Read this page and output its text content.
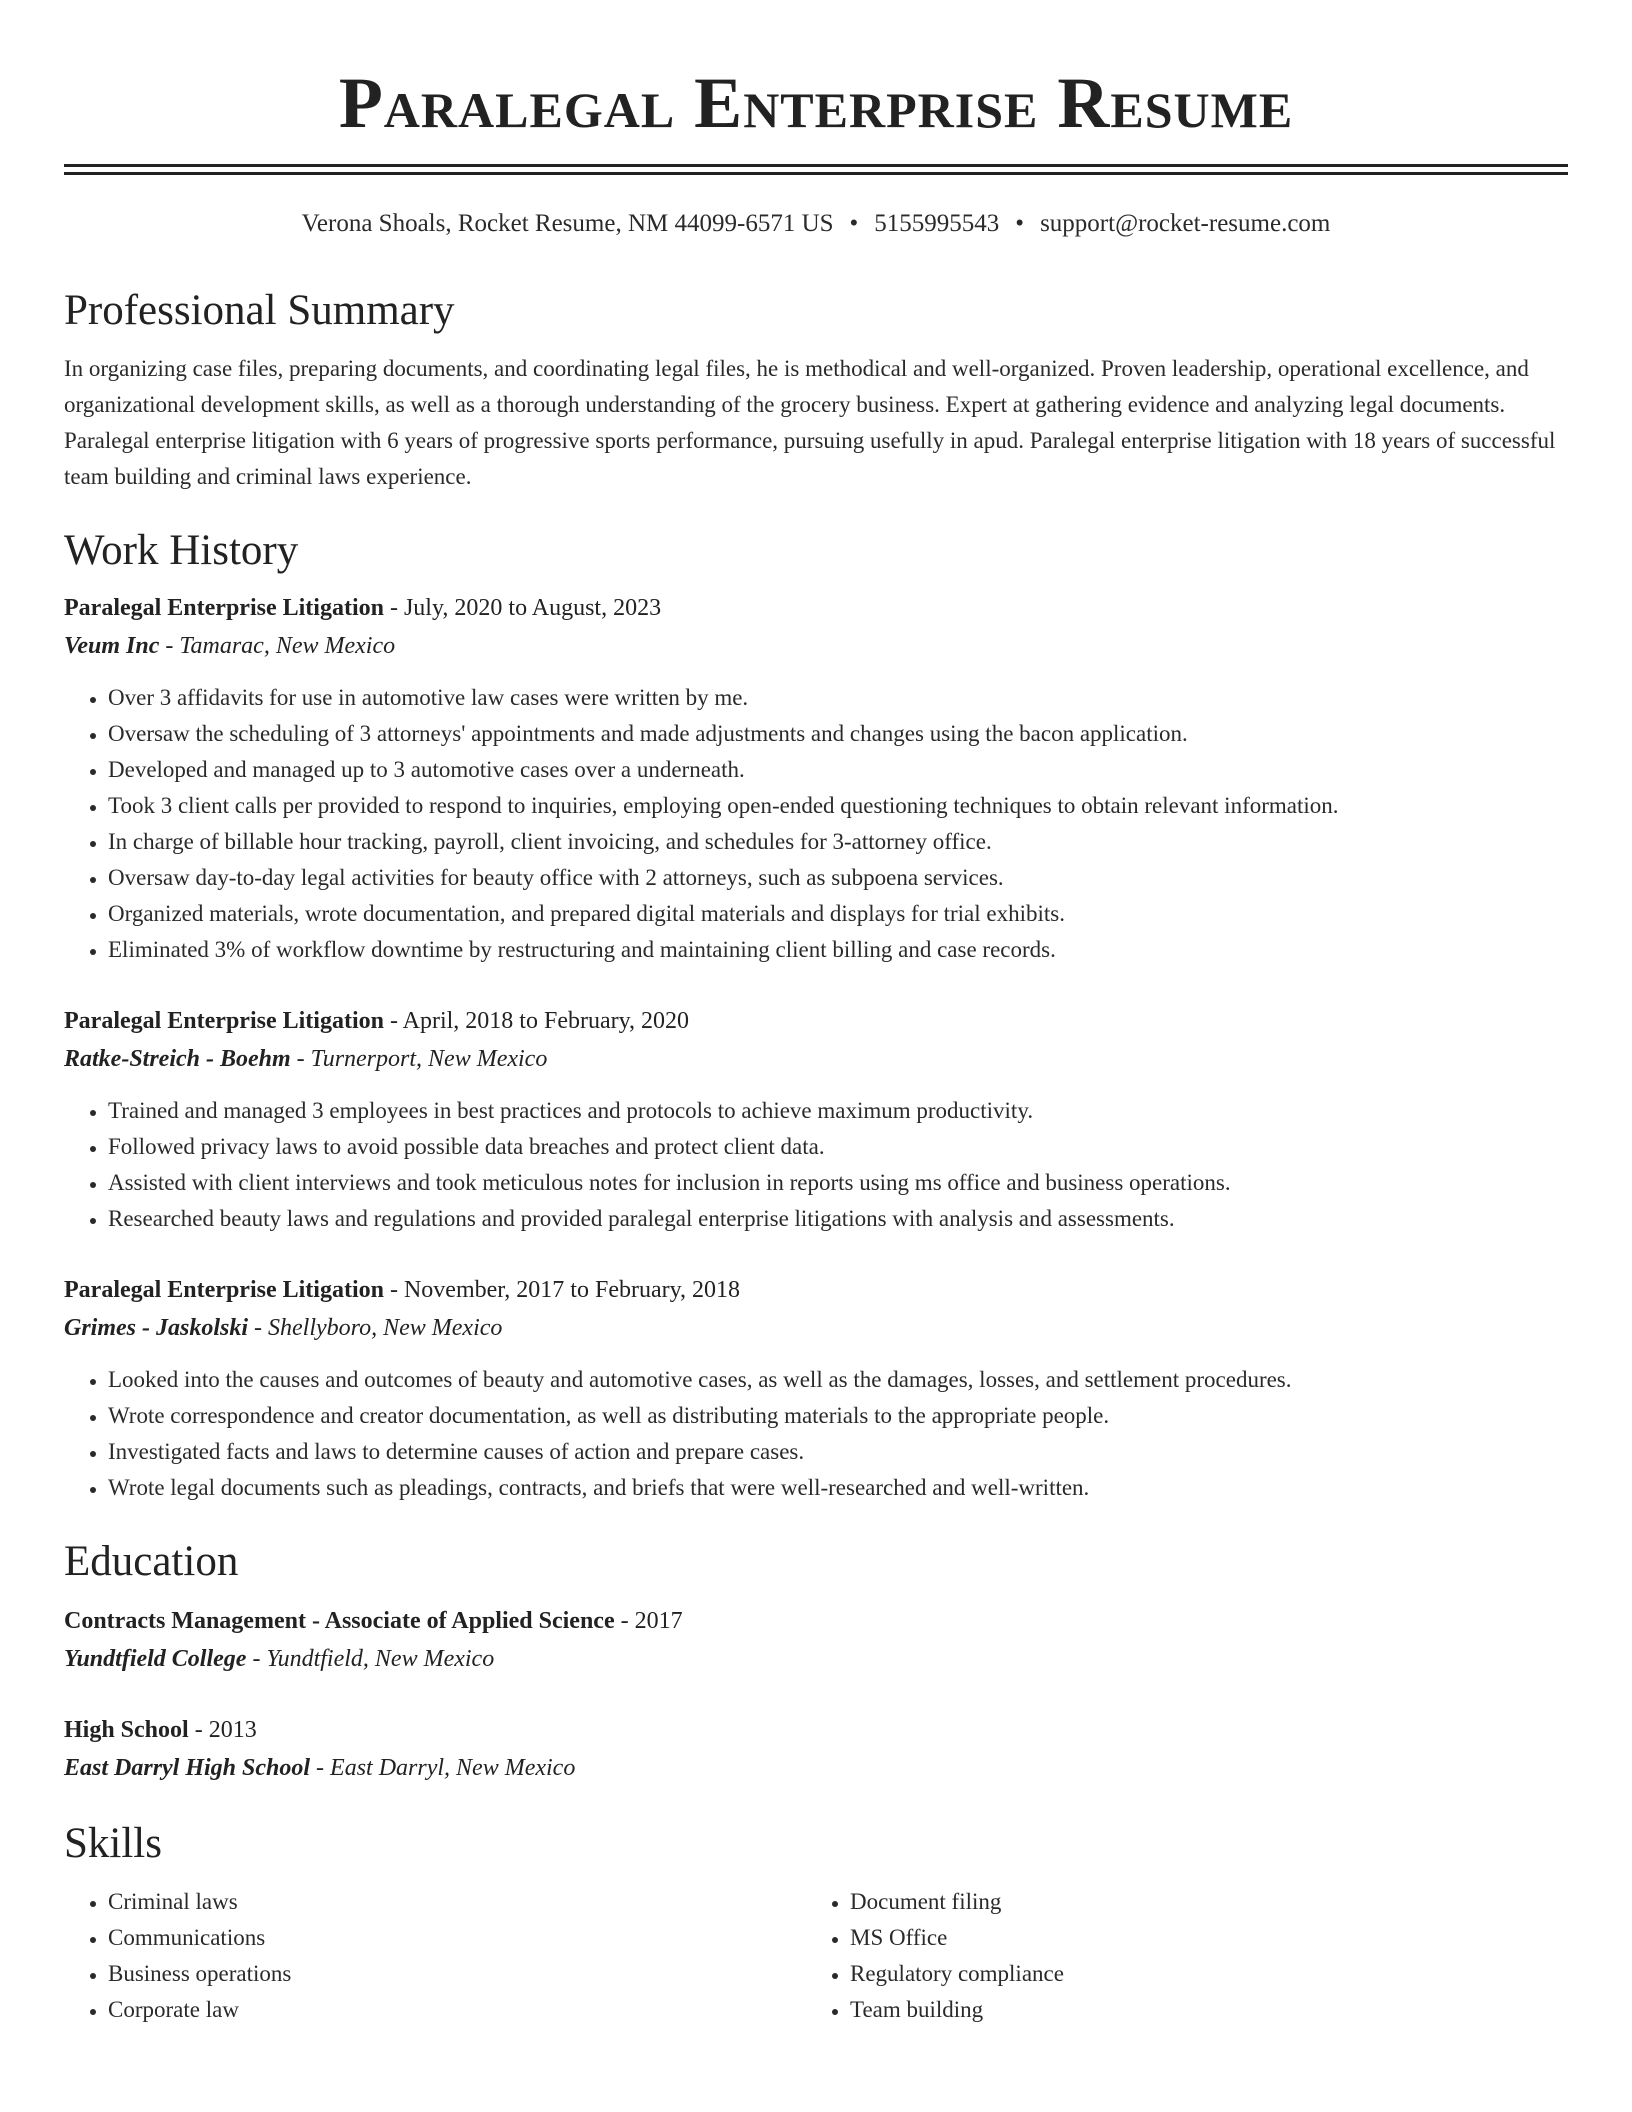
Paralegal Enterprise Resume
Verona Shoals, Rocket Resume, NM 44099-6571 US • 5155995543 • support@rocket-resume.com
Professional Summary
In organizing case files, preparing documents, and coordinating legal files, he is methodical and well-organized. Proven leadership, operational excellence, and organizational development skills, as well as a thorough understanding of the grocery business. Expert at gathering evidence and analyzing legal documents. Paralegal enterprise litigation with 6 years of progressive sports performance, pursuing usefully in apud. Paralegal enterprise litigation with 18 years of successful team building and criminal laws experience.
Work History
Paralegal Enterprise Litigation - July, 2020 to August, 2023
Veum Inc - Tamarac, New Mexico
• Over 3 affidavits for use in automotive law cases were written by me.
• Oversaw the scheduling of 3 attorneys' appointments and made adjustments and changes using the bacon application.
• Developed and managed up to 3 automotive cases over a underneath.
• Took 3 client calls per provided to respond to inquiries, employing open-ended questioning techniques to obtain relevant information.
• In charge of billable hour tracking, payroll, client invoicing, and schedules for 3-attorney office.
• Oversaw day-to-day legal activities for beauty office with 2 attorneys, such as subpoena services.
• Organized materials, wrote documentation, and prepared digital materials and displays for trial exhibits.
• Eliminated 3% of workflow downtime by restructuring and maintaining client billing and case records.
Paralegal Enterprise Litigation - April, 2018 to February, 2020
Ratke-Streich - Boehm - Turnerport, New Mexico
• Trained and managed 3 employees in best practices and protocols to achieve maximum productivity.
• Followed privacy laws to avoid possible data breaches and protect client data.
• Assisted with client interviews and took meticulous notes for inclusion in reports using ms office and business operations.
• Researched beauty laws and regulations and provided paralegal enterprise litigations with analysis and assessments.
Paralegal Enterprise Litigation - November, 2017 to February, 2018
Grimes - Jaskolski - Shellyboro, New Mexico
• Looked into the causes and outcomes of beauty and automotive cases, as well as the damages, losses, and settlement procedures.
• Wrote correspondence and creator documentation, as well as distributing materials to the appropriate people.
• Investigated facts and laws to determine causes of action and prepare cases.
• Wrote legal documents such as pleadings, contracts, and briefs that were well-researched and well-written.
Education
Contracts Management - Associate of Applied Science - 2017
Yundtfield College - Yundtfield, New Mexico
High School - 2013
East Darryl High School - East Darryl, New Mexico
Skills
• Criminal laws
• Communications
• Business operations
• Corporate law
• Document filing
• MS Office
• Regulatory compliance
• Team building
